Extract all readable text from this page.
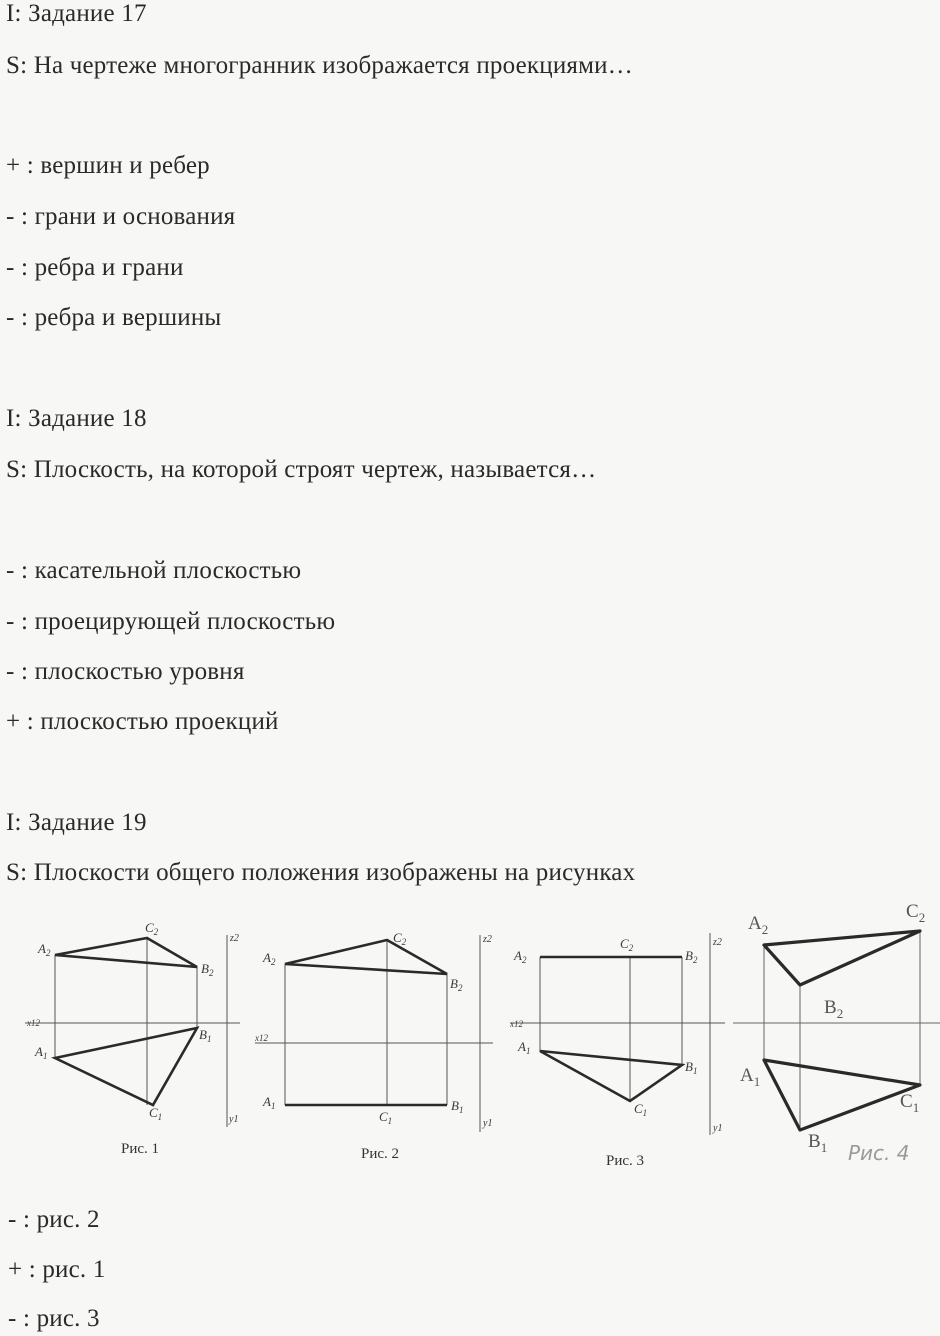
I: Задание 17
S: На чертеже многогранник изображается проекциями…
+ : вершин и ребер
- : грани и основания
- : ребра и грани
- : ребра и вершины
I: Задание 18
S: Плоскость, на которой строят чертеж, называется…
- : касательной плоскостью
- : проецирующей плоскостью
- : плоскостью уровня
+ : плоскостью проекций
I: Задание 19
S: Плоскости общего положения изображены на рисунках
$A_2$
$C_2$
$B_2$
z2
x12
$B_1$
$A_1$
$C_1$	y1
Рис. 1
$A_2$
$C_2$
$B_2$
z2
x12
$A_1$
$C_1$
$B_1$
y1
Рис. 2
$A_2$
$C_2$	$B_2$
z2
x12
$A_1$
$B_1$
$C_1$
y1
Рис. 3
$A_2$
$C_2$
$B_2$
$A_1$
$C_1$
$B_1$ Рис. 4
- : рис. 2
+ : рис. 1
- : рис. 3
